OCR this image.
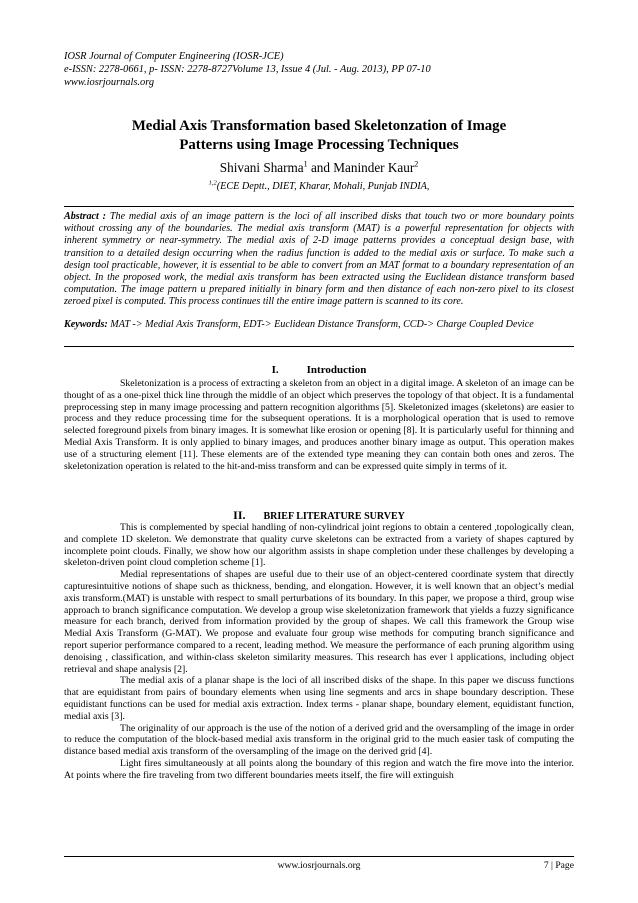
IOSR Journal of Computer Engineering (IOSR-JCE)
e-ISSN: 2278-0661, p- ISSN: 2278-8727Volume 13, Issue 4 (Jul. - Aug. 2013), PP 07-10
www.iosrjournals.org
Medial Axis Transformation based Skeletonzation of Image
Patterns using Image Processing Techniques
Shivani Sharma$^1$ and Maninder Kaur$^2$
$^{1,2}$(ECE Deptt., DIET, Kharar, Mohali, Punjab INDIA,
Abstract : The medial axis of an image pattern is the loci of all inscribed disks that touch two or more boundary points without crossing any of the boundaries. The medial axis transform (MAT) is a powerful representation for objects with inherent symmetry or near-symmetry. The medial axis of 2-D image patterns provides a conceptual design base, with transition to a detailed design occurring when the radius function is added to the medial axis or surface. To make such a design tool practicable, however, it is essential to be able to convert from an MAT format to a boundary representation of an object. In the proposed work, the medial axis transform has been extracted using the Euclidean distance transform based computation. The image pattern u prepared initially in binary form and then distance of each non-zero pixel to its closest zeroed pixel is computed. This process continues till the entire image pattern is scanned to its core.
Keywords: MAT -> Medial Axis Transform, EDT-> Euclidean Distance Transform, CCD-> Charge Coupled Device
I.	Introduction

Skeletonization is a process of extracting a skeleton from an object in a digital image. A skeleton of an image can be thought of as a one-pixel thick line through the middle of an object which preserves the topology of that object. It is a fundamental preprocessing step in many image processing and pattern recognition algorithms [5]. Skeletonized images (skeletons) are easier to process and they reduce processing time for the subsequent operations. It is a morphological operation that is used to remove selected foreground pixels from binary images. It is somewhat like erosion or opening [8]. It is particularly useful for thinning and Medial Axis Transform. It is only applied to binary images, and produces another binary image as output. This operation makes use of a structuring element [11]. These elements are of the extended type meaning they can contain both ones and zeros. The skeletonization operation is related to the hit-and-miss transform and can be expressed quite simply in terms of it.

II. BRIEF LITERATURE SURVEY

This is complemented by special handling of non-cylindrical joint regions to obtain a centered ,topologically clean, and complete 1D skeleton. We demonstrate that quality curve skeletons can be extracted from a variety of shapes captured by incomplete point clouds. Finally, we show how our algorithm assists in shape completion under these challenges by developing a skeleton-driven point cloud completion scheme [1].

Medial representations of shapes are useful due to their use of an object-centered coordinate system that directly capturesintuitive notions of shape such as thickness, bending, and elongation. However, it is well known that an object’s medial axis transform.(MAT) is unstable with respect to small perturbations of its boundary. In this paper, we propose a third, group wise approach to branch significance computation. We develop a group wise skeletonization framework that yields a fuzzy significance measure for each branch, derived from information provided by the group of shapes. We call this framework the Group wise Medial Axis Transform (G-MAT). We propose and evaluate four group wise methods for computing branch significance and report superior performance compared to a recent, leading method. We measure the performance of each pruning algorithm using denoising , classification, and within-class skeleton similarity measures. This research has ever l applications, including object retrieval and shape analysis [2].

The medial axis of a planar shape is the loci of all inscribed disks of the shape. In this paper we discuss functions that are equidistant from pairs of boundary elements when using line segments and arcs in shape boundary description. These equidistant functions can be used for medial axis extraction. Index terms - planar shape, boundary element, equidistant function, medial axis [3].

The originality of our approach is the use of the notion of a derived grid and the oversampling of the image in order to reduce the computation of the block-based medial axis transform in the original grid to the much easier task of computing the distance based medial axis transform of the oversampling of the image on the derived grid [4].

Light fires simultaneously at all points along the boundary of this region and watch the fire move into the interior. At points where the fire traveling from two different boundaries meets itself, the fire will extinguish

www.iosrjournals.org	7 | Page
